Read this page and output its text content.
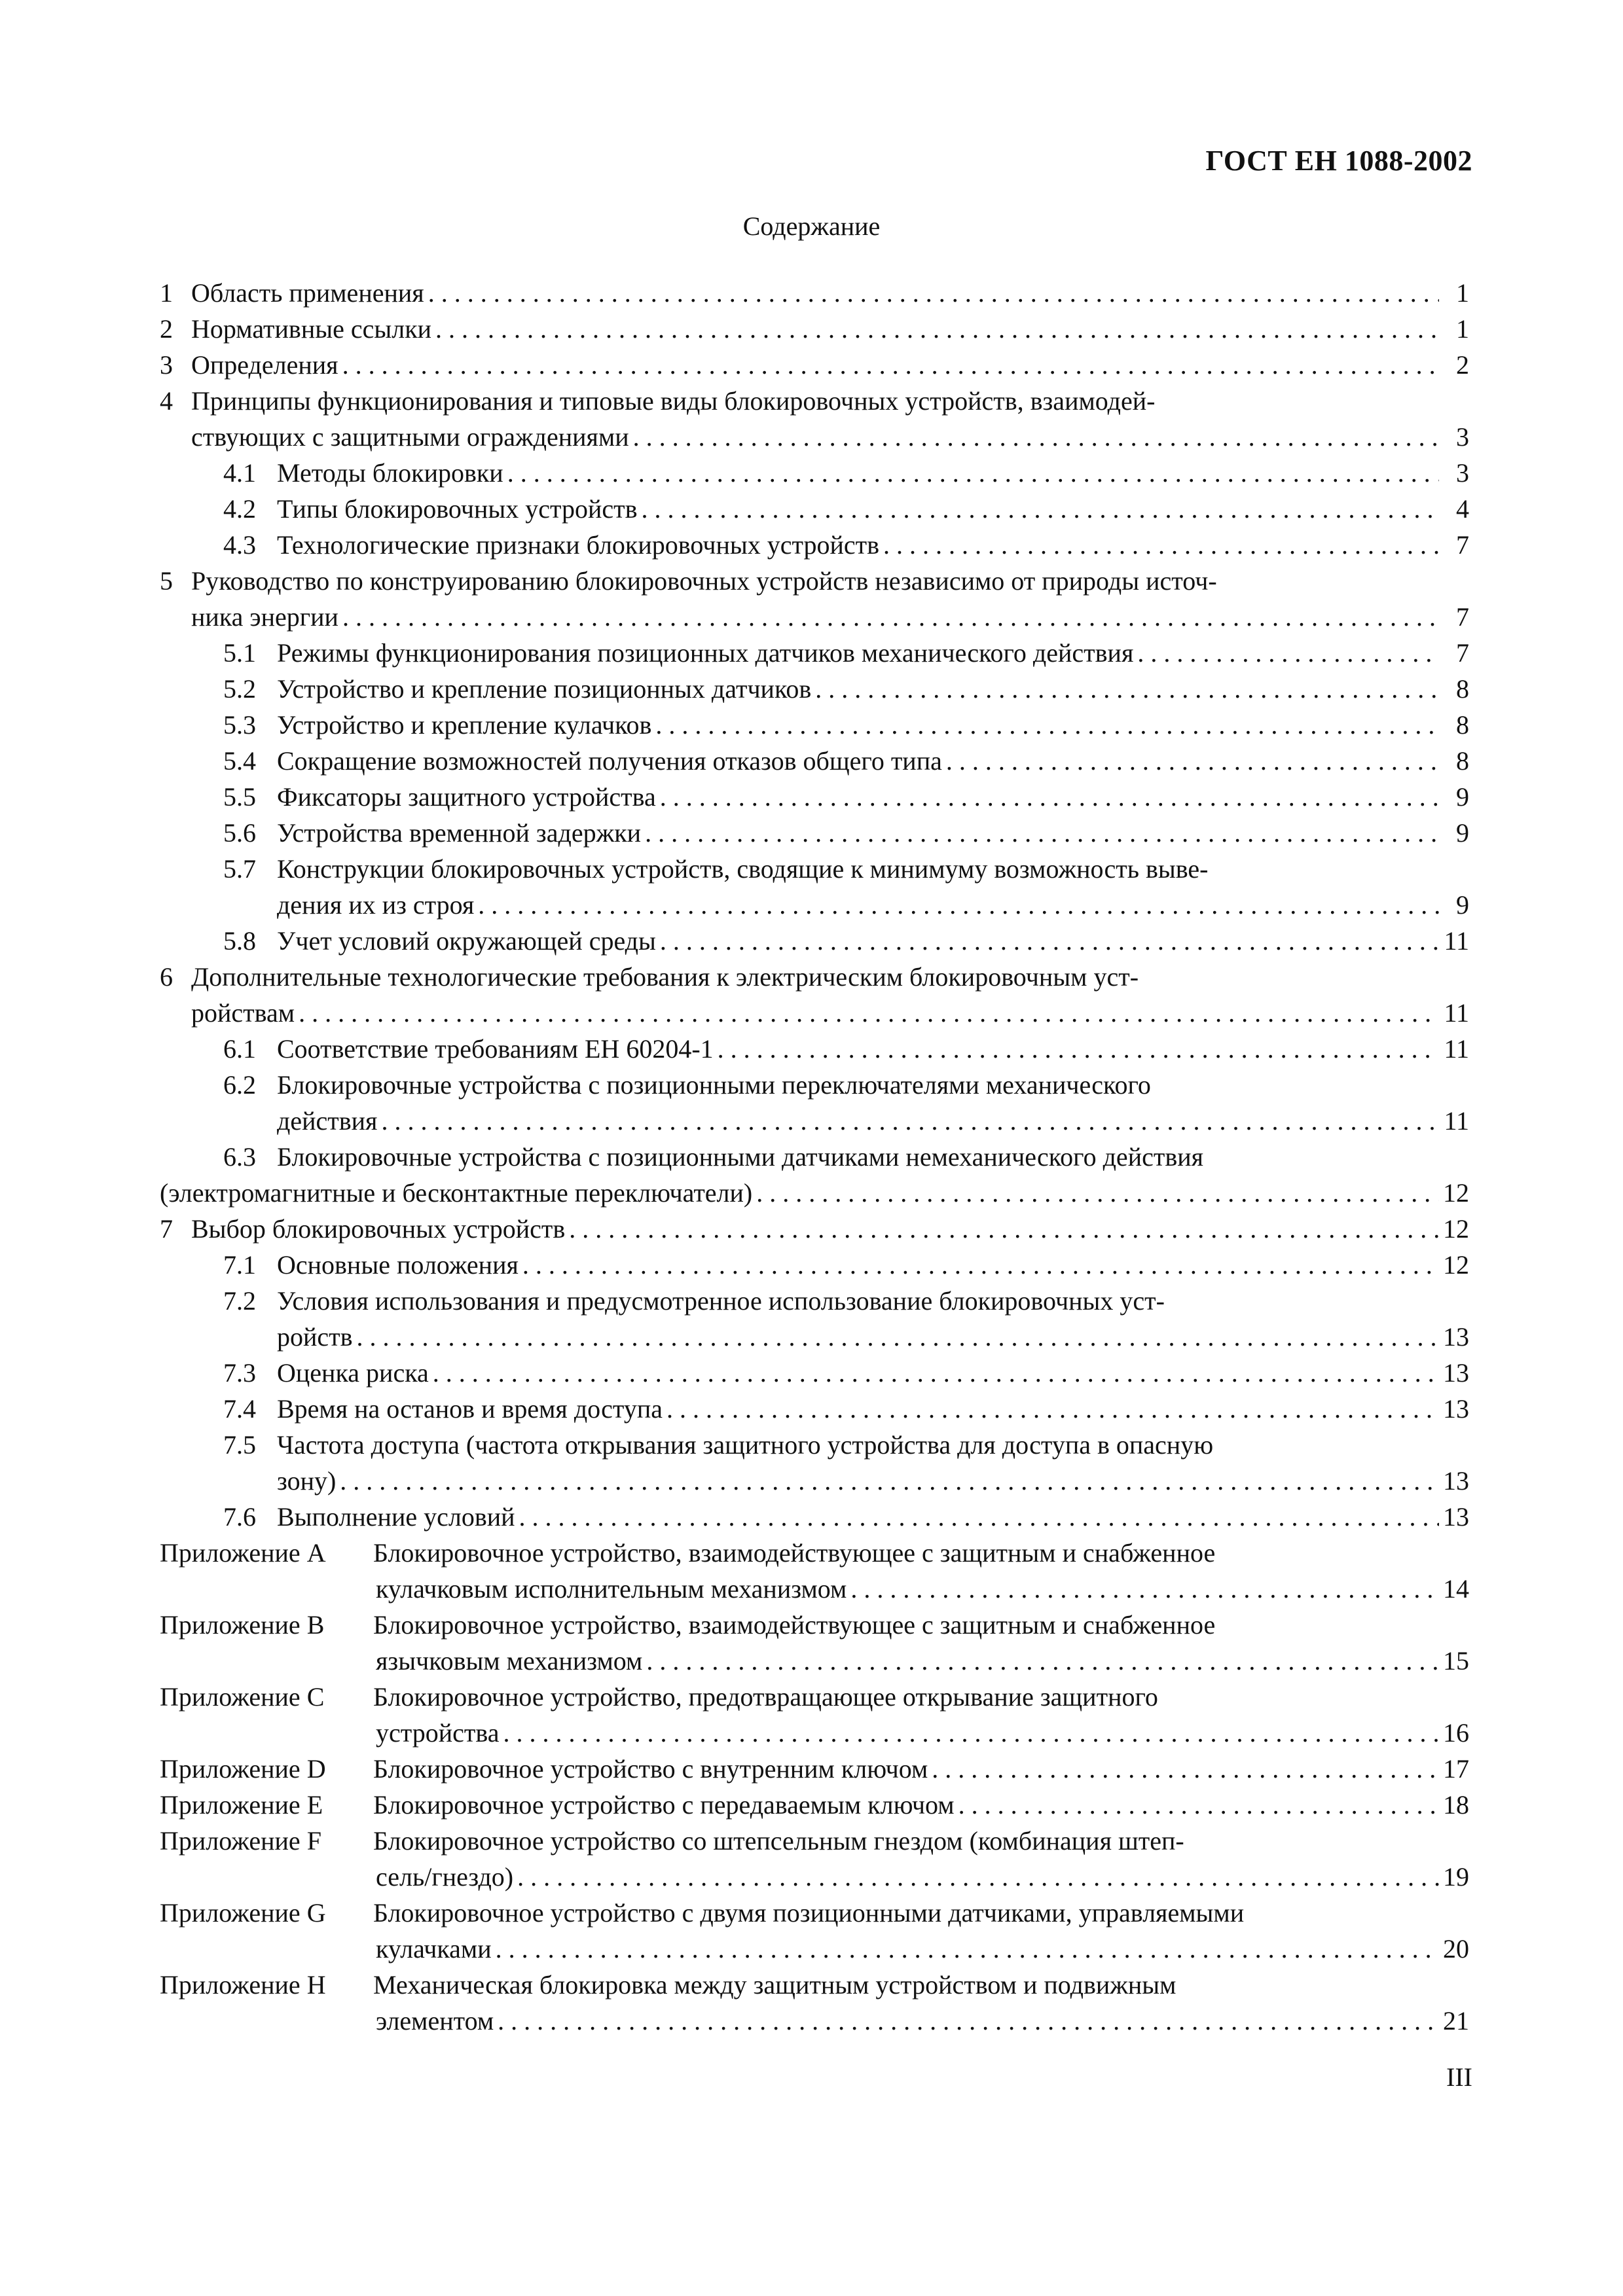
ГОСТ ЕН 1088-2002
Содержание
1 Область применения . . .	1
2 Нормативные ссылки . . .	1
3 Определения . . .	2
4 Принципы функционирования и типовые виды блокировочных устройств, взаимодей-
ствующих с защитными ограждениями . . .	3
4.1 Методы блокировки . . .	3
4.2 Типы блокировочных устройств . . .	4
4.3 Технологические признаки блокировочных устройств . . .	7
5 Руководство по конструированию блокировочных устройств независимо от природы источ-
ника энергии . . .	7
5.1 Режимы функционирования позиционных датчиков механического действия . . .	7
5.2 Устройство и крепление позиционных датчиков . . .	8
5.3 Устройство и крепление кулачков . . .	8
5.4 Сокращение возможностей получения отказов общего типа . . .	8
5.5 Фиксаторы защитного устройства . . .	9
5.6 Устройства временной задержки . . .	9
5.7 Конструкции блокировочных устройств, сводящие к минимуму возможность выве-
дения их из строя . . .	9
5.8 Учет условий окружающей среды . . .	11
6 Дополнительные технологические требования к электрическим блокировочным уст-
ройствам . . .	11
6.1 Соответствие требованиям ЕН 60204-1 . . .	11
6.2 Блокировочные устройства с позиционными переключателями механического
действия . . .	11
6.3 Блокировочные устройства с позиционными датчиками немеханического действия
(электромагнитные и бесконтактные переключатели) . . .	12
7 Выбор блокировочных устройств . . .	12
7.1 Основные положения . . .	12
7.2 Условия использования и предусмотренное использование блокировочных уст-
ройств . . .	13
7.3 Оценка риска . . .	13
7.4 Время на останов и время доступа . . .	13
7.5 Частота доступа (частота открывания защитного устройства для доступа в опасную
зону) . . .	13
7.6 Выполнение условий . . .	13
Приложение А	Блокировочное устройство, взаимодействующее с защитным и снабженное
кулачковым исполнительным механизмом . . .	14
Приложение В	Блокировочное устройство, взаимодействующее с защитным и снабженное
язычковым механизмом . . .	15
Приложение С	Блокировочное устройство, предотвращающее открывание защитного
устройства . . .	16
Приложение D	Блокировочное устройство с внутренним ключом . . .	17
Приложение Е	Блокировочное устройство с передаваемым ключом . . .	18
Приложение F	Блокировочное устройство со штепсельным гнездом (комбинация штеп-
сель/гнездо) . . .	19
Приложение G	Блокировочное устройство с двумя позиционными датчиками, управляемыми
кулачками . . .	20
Приложение Н	Механическая блокировка между защитным устройством и подвижным
элементом . . .	21
III
